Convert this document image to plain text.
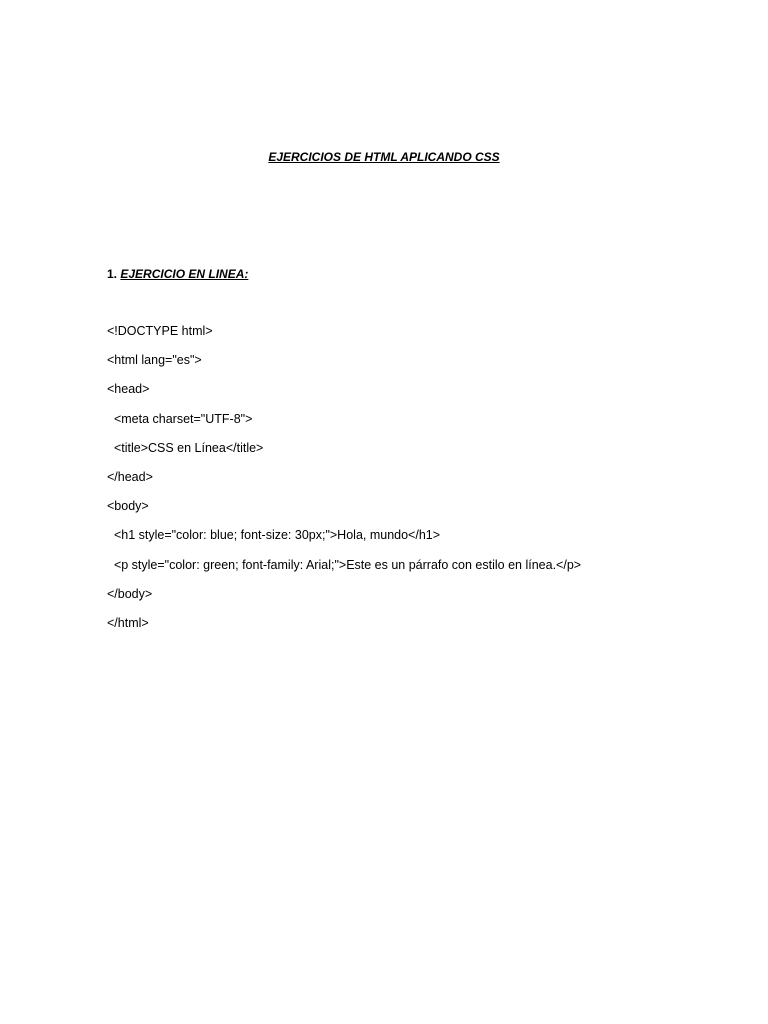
EJERCICIOS DE HTML APLICANDO CSS
1. EJERCICIO EN LINEA:
<!DOCTYPE html>
<html lang="es">
<head>
<meta charset="UTF-8">
<title>CSS en Línea</title>
</head>
<body>
<h1 style="color: blue; font-size: 30px;">Hola, mundo</h1>
<p style="color: green; font-family: Arial;">Este es un párrafo con estilo en línea.</p>
</body>
</html>
